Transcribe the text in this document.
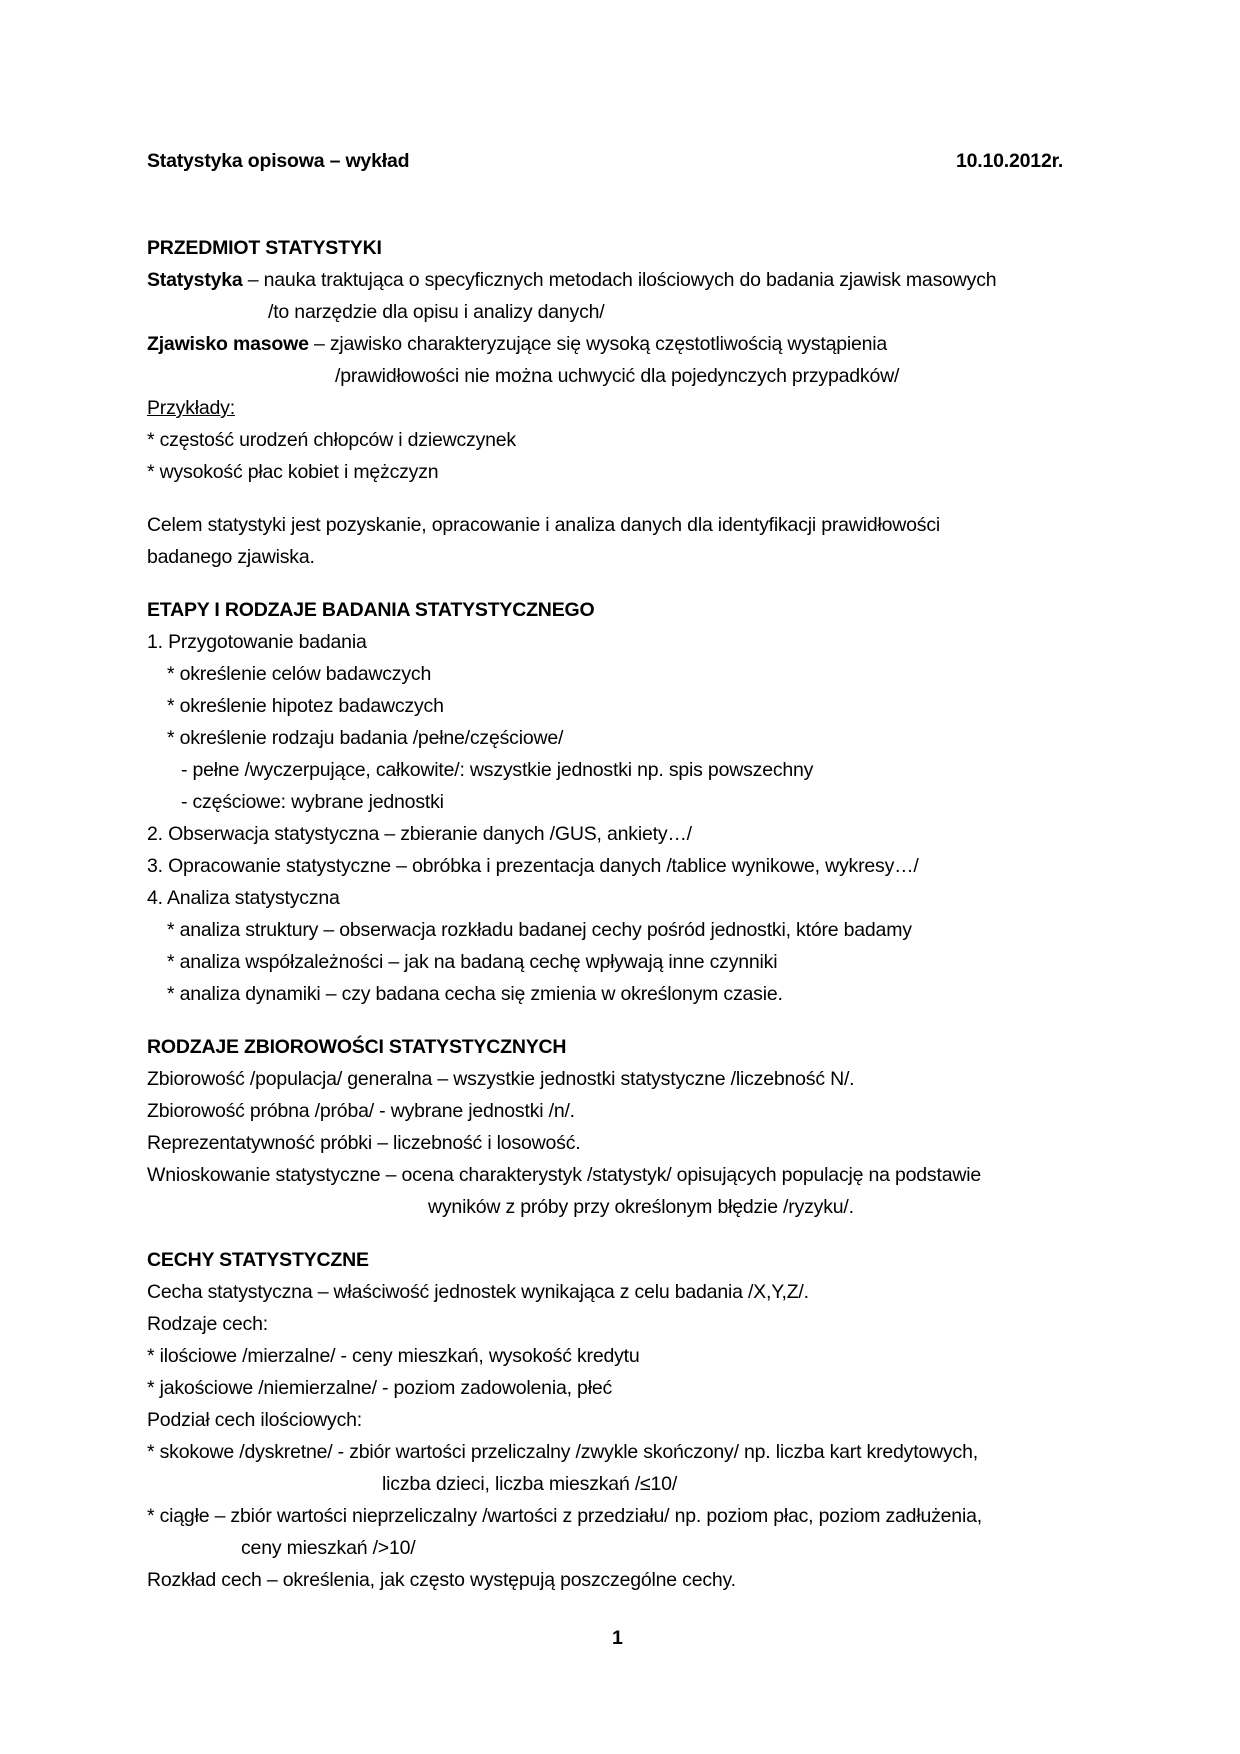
Statystyka opisowa – wykład	10.10.2012r.
PRZEDMIOT STATYSTYKI
Statystyka – nauka traktująca o specyficznych metodach ilościowych do badania zjawisk masowych
/to narzędzie dla opisu i analizy danych/
Zjawisko masowe – zjawisko charakteryzujące się wysoką częstotliwością wystąpienia
/prawidłowości nie można uchwycić dla pojedynczych przypadków/
Przykłady:
* częstość urodzeń chłopców i dziewczynek
* wysokość płac kobiet i mężczyzn
Celem statystyki jest pozyskanie, opracowanie i analiza danych dla identyfikacji prawidłowości
badanego zjawiska.
ETAPY I RODZAJE BADANIA STATYSTYCZNEGO
1. Przygotowanie badania
* określenie celów badawczych
* określenie hipotez badawczych
* określenie rodzaju badania /pełne/częściowe/
- pełne /wyczerpujące, całkowite/: wszystkie jednostki np. spis powszechny
- częściowe: wybrane jednostki
2. Obserwacja statystyczna – zbieranie danych /GUS, ankiety…/
3. Opracowanie statystyczne – obróbka i prezentacja danych /tablice wynikowe, wykresy…/
4. Analiza statystyczna
* analiza struktury – obserwacja rozkładu badanej cechy pośród jednostki, które badamy
* analiza współzależności – jak na badaną cechę wpływają inne czynniki
* analiza dynamiki – czy badana cecha się zmienia w określonym czasie.
RODZAJE ZBIOROWOŚCI STATYSTYCZNYCH
Zbiorowość /populacja/ generalna – wszystkie jednostki statystyczne /liczebność N/.
Zbiorowość próbna /próba/ - wybrane jednostki /n/.
Reprezentatywność próbki – liczebność i losowość.
Wnioskowanie statystyczne – ocena charakterystyk /statystyk/ opisujących populację na podstawie
wyników z próby przy określonym błędzie /ryzyku/.
CECHY STATYSTYCZNE
Cecha statystyczna – właściwość jednostek wynikająca z celu badania /X,Y,Z/.
Rodzaje cech:
* ilościowe /mierzalne/ - ceny mieszkań, wysokość kredytu
* jakościowe /niemierzalne/ - poziom zadowolenia, płeć
Podział cech ilościowych:
* skokowe /dyskretne/ - zbiór wartości przeliczalny /zwykle skończony/ np. liczba kart kredytowych,
liczba dzieci, liczba mieszkań /≤10/
* ciągłe – zbiór wartości nieprzeliczalny /wartości z przedziału/ np. poziom płac, poziom zadłużenia,
ceny mieszkań />10/
Rozkład cech – określenia, jak często występują poszczególne cechy.
1
